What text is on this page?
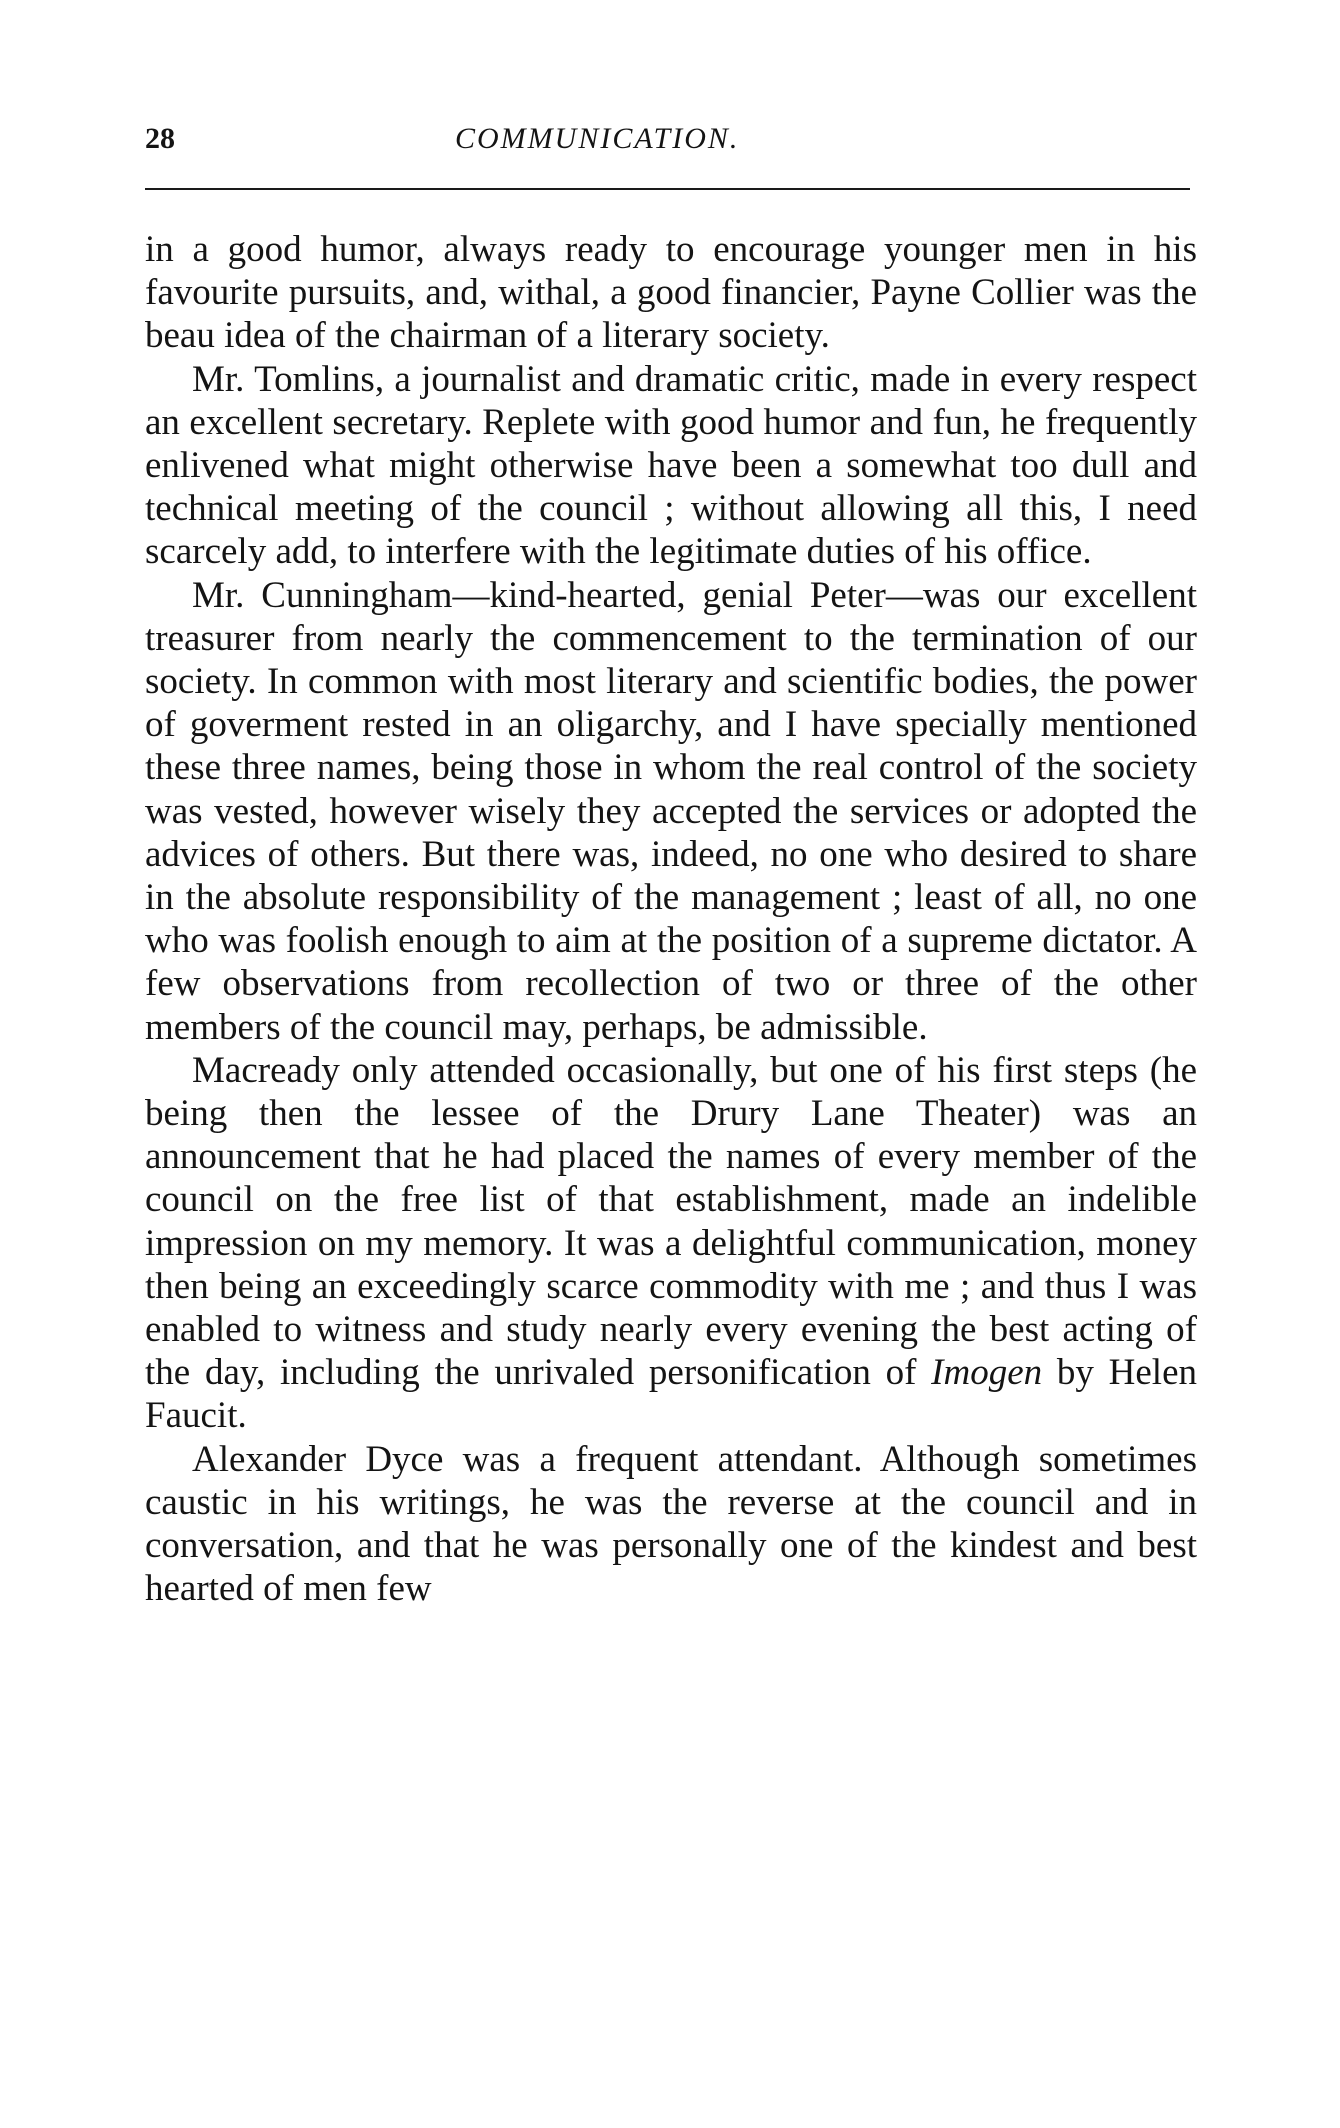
28	COMMUNICATION.

in a good humor, always ready to encourage younger men in his favourite pursuits, and, withal, a good financier, Payne Collier was the beau idea of the chairman of a literary society.

Mr. Tomlins, a journalist and dramatic critic, made in every respect an excellent secretary. Replete with good humor and fun, he frequently enlivened what might otherwise have been a somewhat too dull and technical meeting of the council ; without allowing all this, I need scarcely add, to interfere with the legitimate duties of his office.

Mr. Cunningham—kind-hearted, genial Peter—was our excellent treasurer from nearly the commencement to the termination of our society. In common with most literary and scientific bodies, the power of goverment rested in an oligarchy, and I have specially mentioned these three names, being those in whom the real control of the society was vested, however wisely they accepted the services or adopted the advices of others. But there was, indeed, no one who desired to share in the absolute responsibility of the management ; least of all, no one who was foolish enough to aim at the position of a supreme dictator. A few observations from recollection of two or three of the other members of the council may, perhaps, be admissible.

Macready only attended occasionally, but one of his first steps (he being then the lessee of the Drury Lane Theater) was an announcement that he had placed the names of every member of the council on the free list of that establishment, made an indelible impression on my memory. It was a delightful communication, money then being an exceedingly scarce commodity with me ; and thus I was enabled to witness and study nearly every evening the best acting of the day, including the unrivaled personification of Imogen by Helen Faucit.

Alexander Dyce was a frequent attendant. Although sometimes caustic in his writings, he was the reverse at the council and in conversation, and that he was personally one of the kindest and best hearted of men few
